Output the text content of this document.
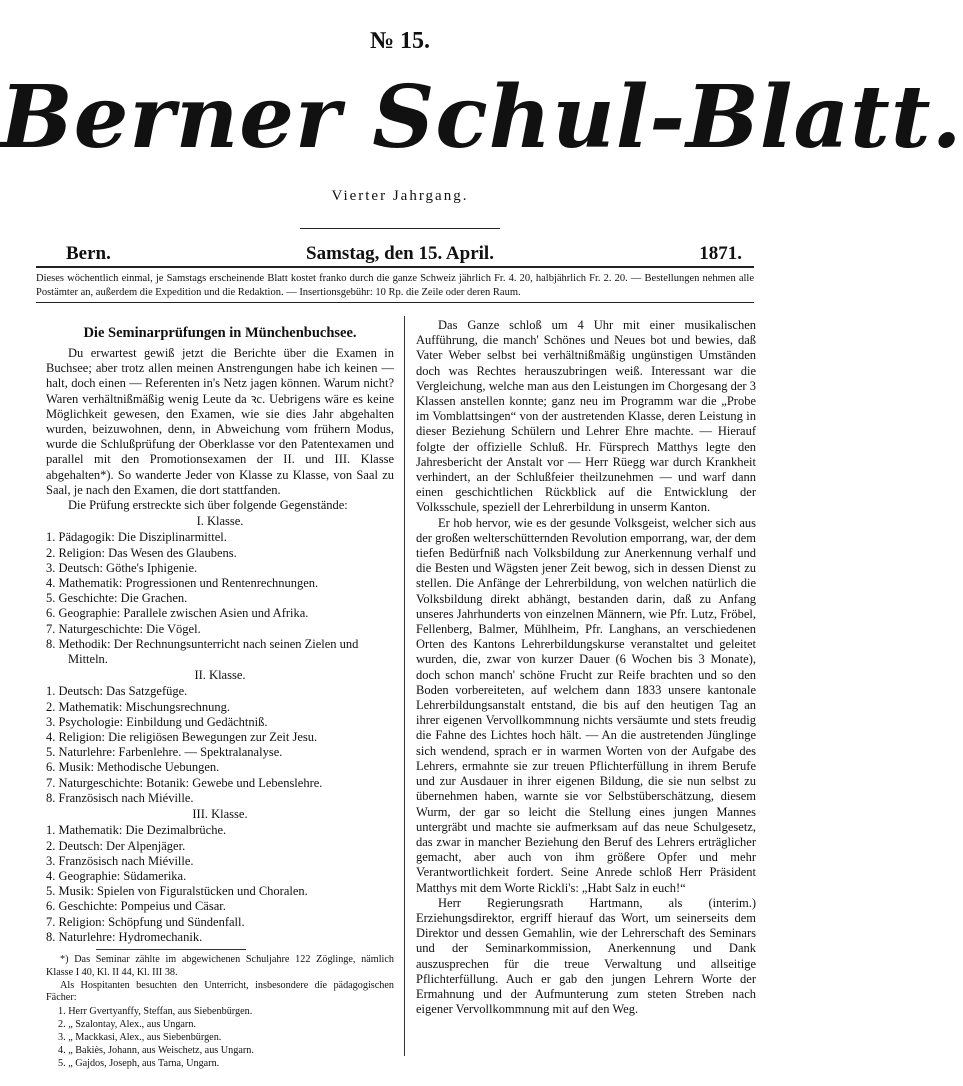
№ 15.
Berner Schul-Blatt.
Vierter Jahrgang.
Bern.	Samstag, den 15. April.	1871.
Dieses wöchentlich einmal, je Samstags erscheinende Blatt kostet franko durch die ganze Schweiz jährlich Fr. 4. 20, halbjährlich Fr. 2. 20. — Bestellungen nehmen alle Postämter an, außerdem die Expedition und die Redaktion. — Insertionsgebühr: 10 Rp. die Zeile oder deren Raum.
Die Seminarprüfungen in Münchenbuchsee.

Du erwartest gewiß jetzt die Berichte über die Examen in Buchsee; aber trotz allen meinen Anstrengungen habe ich keinen — halt, doch einen — Referenten in's Netz jagen können. Warum nicht? Waren verhältnißmäßig wenig Leute da ꝛc. Uebrigens wäre es keine Möglichkeit gewesen, den Examen, wie sie dies Jahr abgehalten wurden, beizuwohnen, denn, in Abweichung vom frühern Modus, wurde die Schlußprüfung der Oberklasse vor den Patentexamen und parallel mit den Promotionsexamen der II. und III. Klasse abgehalten*). So wanderte Jeder von Klasse zu Klasse, von Saal zu Saal, je nach den Examen, die dort stattfanden.

Die Prüfung erstreckte sich über folgende Gegenstände:

I. Klasse.
1. Pädagogik: Die Disziplinarmittel.
2. Religion: Das Wesen des Glaubens.
3. Deutsch: Göthe's Iphigenie.
4. Mathematik: Progressionen und Rentenrechnungen.
5. Geschichte: Die Grachen.
6. Geographie: Parallele zwischen Asien und Afrika.
7. Naturgeschichte: Die Vögel.
8. Methodik: Der Rechnungsunterricht nach seinen Zielen und Mitteln.
II. Klasse.
1. Deutsch: Das Satzgefüge.
2. Mathematik: Mischungsrechnung.
3. Psychologie: Einbildung und Gedächtniß.
4. Religion: Die religiösen Bewegungen zur Zeit Jesu.
5. Naturlehre: Farbenlehre. — Spektralanalyse.
6. Musik: Methodische Uebungen.
7. Naturgeschichte: Botanik: Gewebe und Lebenslehre.
8. Französisch nach Miéville.
III. Klasse.
1. Mathematik: Die Dezimalbrüche.
2. Deutsch: Der Alpenjäger.
3. Französisch nach Miéville.
4. Geographie: Südamerika.
5. Musik: Spielen von Figuralstücken und Choralen.
6. Geschichte: Pompeius und Cäsar.
7. Religion: Schöpfung und Sündenfall.
8. Naturlehre: Hydromechanik.

*) Das Seminar zählte im abgewichenen Schuljahre 122 Zöglinge, nämlich Klasse I 40, Kl. II 44, Kl. III 38.

Als Hospitanten besuchten den Unterricht, insbesondere die pädagogischen Fächer:

1. Herr Gvertyanffy, Steffan, aus Siebenbürgen.
2. „ Szalontay, Alex., aus Ungarn.
3. „ Mackkasi, Alex., aus Siebenbürgen.
4. „ Bakiès, Johann, aus Weischetz, aus Ungarn.
5. „ Gajdos, Joseph, aus Tarna, Ungarn.

Das Ganze schloß um 4 Uhr mit einer musikalischen Aufführung, die manch' Schönes und Neues bot und bewies, daß Vater Weber selbst bei verhältnißmäßig ungünstigen Umständen doch was Rechtes herauszubringen weiß. Interessant war die Vergleichung, welche man aus den Leistungen im Chorgesang der 3 Klassen anstellen konnte; ganz neu im Programm war die „Probe im Vomblattsingen“ von der austretenden Klasse, deren Leistung in dieser Beziehung Schülern und Lehrer Ehre machte. — Hierauf folgte der offizielle Schluß. Hr. Fürsprech Matthys legte den Jahresbericht der Anstalt vor — Herr Rüegg war durch Krankheit verhindert, an der Schlußfeier theilzunehmen — und warf dann einen geschichtlichen Rückblick auf die Entwicklung der Volksschule, speziell der Lehrerbildung in unserm Kanton.

Er hob hervor, wie es der gesunde Volksgeist, welcher sich aus der großen welterschütternden Revolution emporrang, war, der dem tiefen Bedürfniß nach Volksbildung zur Anerkennung verhalf und die Besten und Wägsten jener Zeit bewog, sich in dessen Dienst zu stellen. Die Anfänge der Lehrerbildung, von welchen natürlich die Volksbildung direkt abhängt, bestanden darin, daß zu Anfang unseres Jahrhunderts von einzelnen Männern, wie Pfr. Lutz, Fröbel, Fellenberg, Balmer, Mühlheim, Pfr. Langhans, an verschiedenen Orten des Kantons Lehrerbildungskurse veranstaltet und geleitet wurden, die, zwar von kurzer Dauer (6 Wochen bis 3 Monate), doch schon manch' schöne Frucht zur Reife brachten und so den Boden vorbereiteten, auf welchem dann 1833 unsere kantonale Lehrerbildungsanstalt entstand, die bis auf den heutigen Tag an ihrer eigenen Vervollkommnung nichts versäumte und stets freudig die Fahne des Lichtes hoch hält. — An die austretenden Jünglinge sich wendend, sprach er in warmen Worten von der Aufgabe des Lehrers, ermahnte sie zur treuen Pflichterfüllung in ihrem Berufe und zur Ausdauer in ihrer eigenen Bildung, die sie nun selbst zu übernehmen haben, warnte sie vor Selbstüberschätzung, diesem Wurm, der gar so leicht die Stellung eines jungen Mannes untergräbt und machte sie aufmerksam auf das neue Schulgesetz, das zwar in mancher Beziehung den Beruf des Lehrers erträglicher gemacht, aber auch von ihm größere Opfer und mehr Verantwortlichkeit fordert. Seine Anrede schloß Herr Präsident Matthys mit dem Worte Rickli's: „Habt Salz in euch!“

Herr Regierungsrath Hartmann, als (interim.) Erziehungsdirektor, ergriff hierauf das Wort, um seinerseits dem Direktor und dessen Gemahlin, wie der Lehrerschaft des Seminars und der Seminarkommission, Anerkennung und Dank auszusprechen für die treue Verwaltung und allseitige Pflichterfüllung. Auch er gab den jungen Lehrern Worte der Ermahnung und der Aufmunterung zum steten Streben nach eigener Vervollkommnung mit auf den Weg.
